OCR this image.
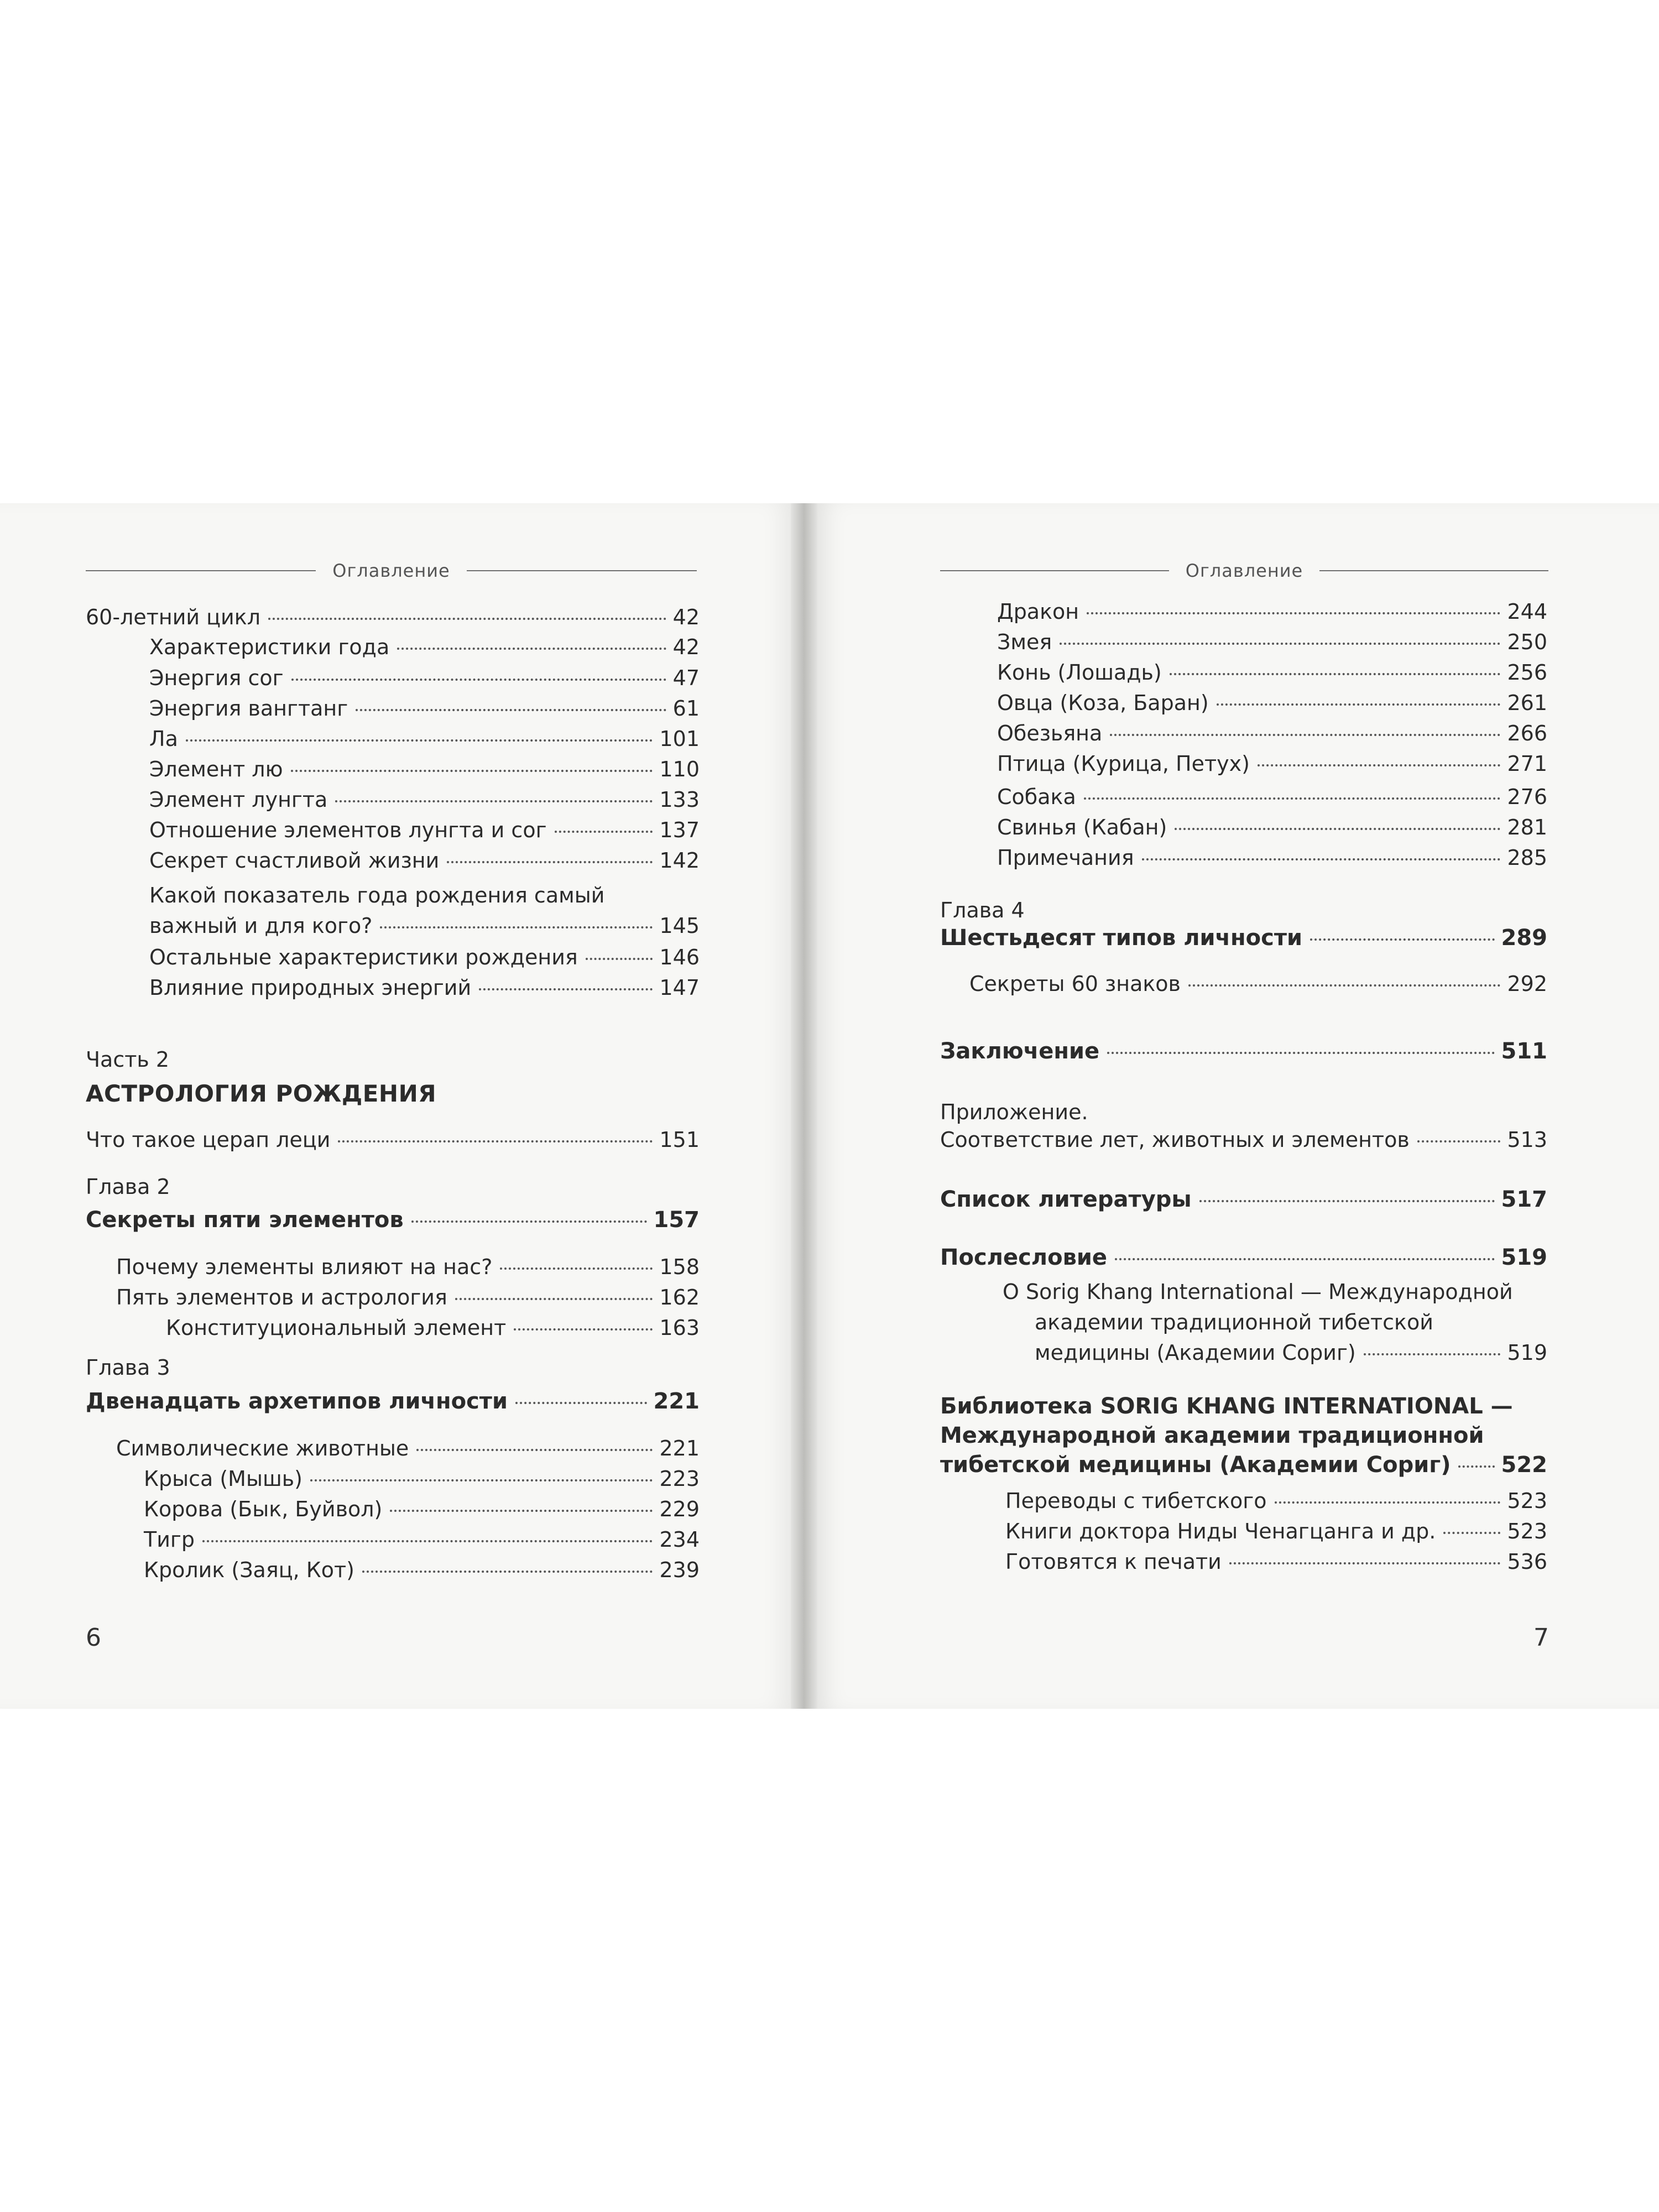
Оглавление
60-летний цикл	42
Характеристики года	42
Энергия сог	47
Энергия вангтанг	61
Ла	101
Элемент лю	110
Элемент лунгта	133
Отношение элементов лунгта и сог	137
Секрет счастливой жизни	142
Какой показатель года рождения самый
важный и для кого?	145
Остальные характеристики рождения	146
Влияние природных энергий	147
Часть 2
АСТРОЛОГИЯ РОЖДЕНИЯ
Что такое церап леци	151
Глава 2
Секреты пяти элементов	157
Почему элементы влияют на нас?	158
Пять элементов и астрология	162
Конституциональный элемент	163
Глава 3
Двенадцать архетипов личности	221
Символические животные	221
Крыса (Мышь)	223
Корова (Бык, Буйвол)	229
Тигр	234
Кролик (Заяц, Кот)	239
6
Оглавление
Дракон	244
Змея	250
Конь (Лошадь)	256
Овца (Коза, Баран)	261
Обезьяна	266
Птица (Курица, Петух)	271
Собака	276
Свинья (Кабан)	281
Примечания	285
Глава 4
Шестьдесят типов личности	289
Секреты 60 знаков	292
Заключение	511
Приложение.
Соответствие лет, животных и элементов	513
Список литературы	517
Послесловие	519
О Sorig Khang International — Международной
академии традиционной тибетской
медицины (Академии Сориг)	519
Библиотека SORIG KHANG INTERNATIONAL —
Международной академии традиционной
тибетской медицины (Академии Сориг) 522
Переводы с тибетского	523
Книги доктора Ниды Ченагцанга и др.	523
Готовятся к печати	536
7
